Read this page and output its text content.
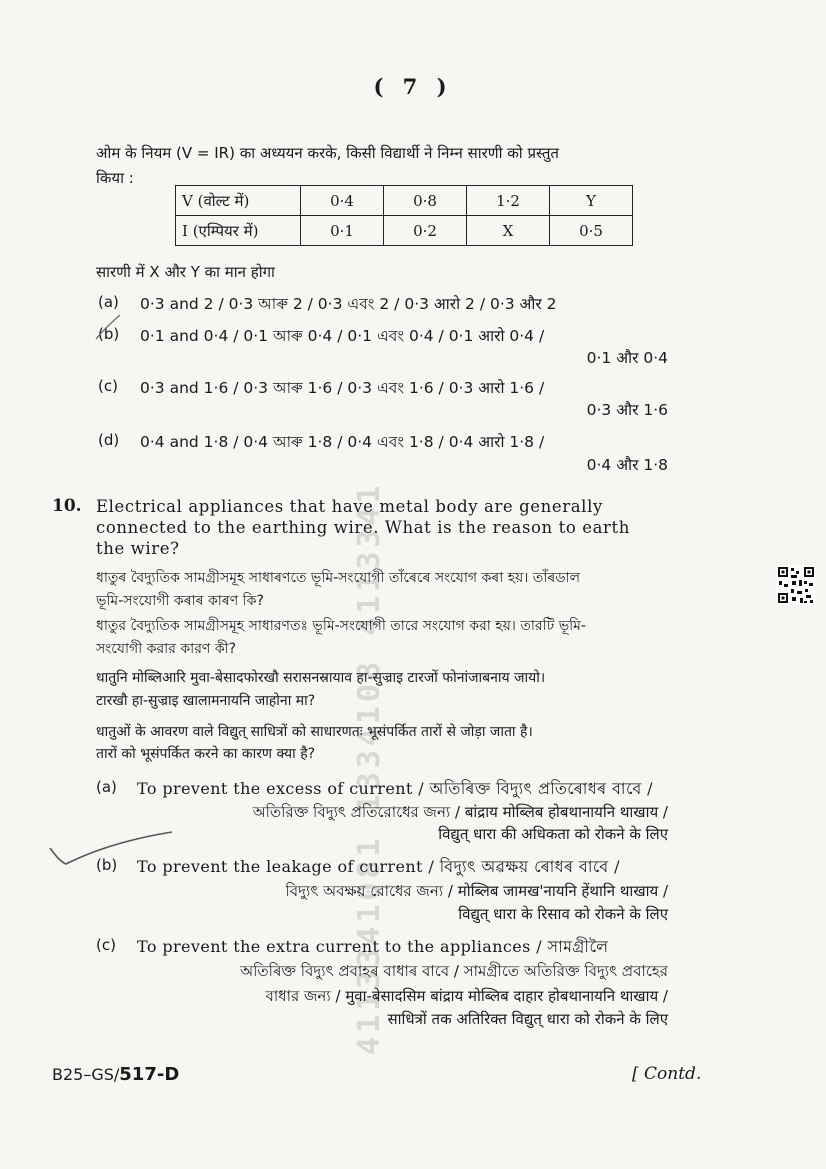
4113341081 1334108 4113341
( 7 )
ओम के नियम (V = IR) का अध्ययन करके, किसी विद्यार्थी ने निम्न सारणी को प्रस्तुत
किया :
V (वोल्ट में)	0·4	0·8	1·2	Y
I (एम्पियर में)	0·1	0·2	X	0·5
सारणी में X और Y का मान होगा
(a) 0·3 and 2 / 0·3 আৰু 2 / 0·3 এবং 2 / 0·3 आरो 2 / 0·3 और 2
(b) 0·1 and 0·4 / 0·1 আৰু 0·4 / 0·1 এবং 0·4 / 0·1 आरो 0·4 /
0·1 और 0·4
(c) 0·3 and 1·6 / 0·3 আৰু 1·6 / 0·3 এবং 1·6 / 0·3 आरो 1·6 /
0·3 और 1·6
(d) 0·4 and 1·8 / 0·4 আৰু 1·8 / 0·4 এবং 1·8 / 0·4 आरो 1·8 /
0·4 और 1·8
10. Electrical appliances that have metal body are generally
connected to the earthing wire. What is the reason to earth
the wire?
ধাতুৰ বৈদ্যুতিক সামগ্ৰীসমূহ সাধাৰণতে ভূমি-সংযোগী তাঁৰেৰে সংযোগ কৰা হয়। তাঁৰডাল
ভূমি-সংযোগী কৰাৰ কাৰণ কি?
ধাতুর বৈদ্যুতিক সামগ্রীসমূহ সাধারণতঃ ভূমি-সংযোগী তারে সংযোগ করা হয়। তারটি ভূমি-
সংযোগী করার কারণ কী?
धातुनि मोब्लिआरि मुवा-बेसादफोरखौ सरासनस्रायाव हा-सुज्राइ टारजों फोनांजाबनाय जायो।
टारखौ हा-सुज्राइ खालामनायनि जाहोना मा?
धातुओं के आवरण वाले विद्युत् साधित्रों को साधारणतः भूसंपर्कित तारों से जोड़ा जाता है।
तारों को भूसंपर्कित करने का कारण क्या है?
(a) To prevent the excess of current / অতিৰিক্ত বিদ্যুৎ প্ৰতিৰোধৰ বাবে /
অতিরিক্ত বিদ্যুৎ প্রতিরোধের জন্য / बांद्राय मोब्लिब होबथानायनि थाखाय /
विद्युत् धारा की अधिकता को रोकने के लिए
(b) To prevent the leakage of current / বিদ্যুৎ অৱক্ষয় ৰোধৰ বাবে /
বিদ্যুৎ অবক্ষয় রোধের জন্য / मोब्लिब जामख'नायनि हेंथानि थाखाय /
विद्युत् धारा के रिसाव को रोकने के लिए
(c) To prevent the extra current to the appliances / সামগ্ৰীলৈ
অতিৰিক্ত বিদ্যুৎ প্ৰবাহৰ বাধাৰ বাবে / সামগ্রীতে অতিরিক্ত বিদ্যুৎ প্রবাহের
বাধার জন্য / मुवा-बेसादसिम बांद्राय मोब्लिब दाहार होबथानायनि थाखाय /
साधित्रों तक अतिरिक्त विद्युत् धारा को रोकने के लिए
B25–GS/517-D	[ Contd.
